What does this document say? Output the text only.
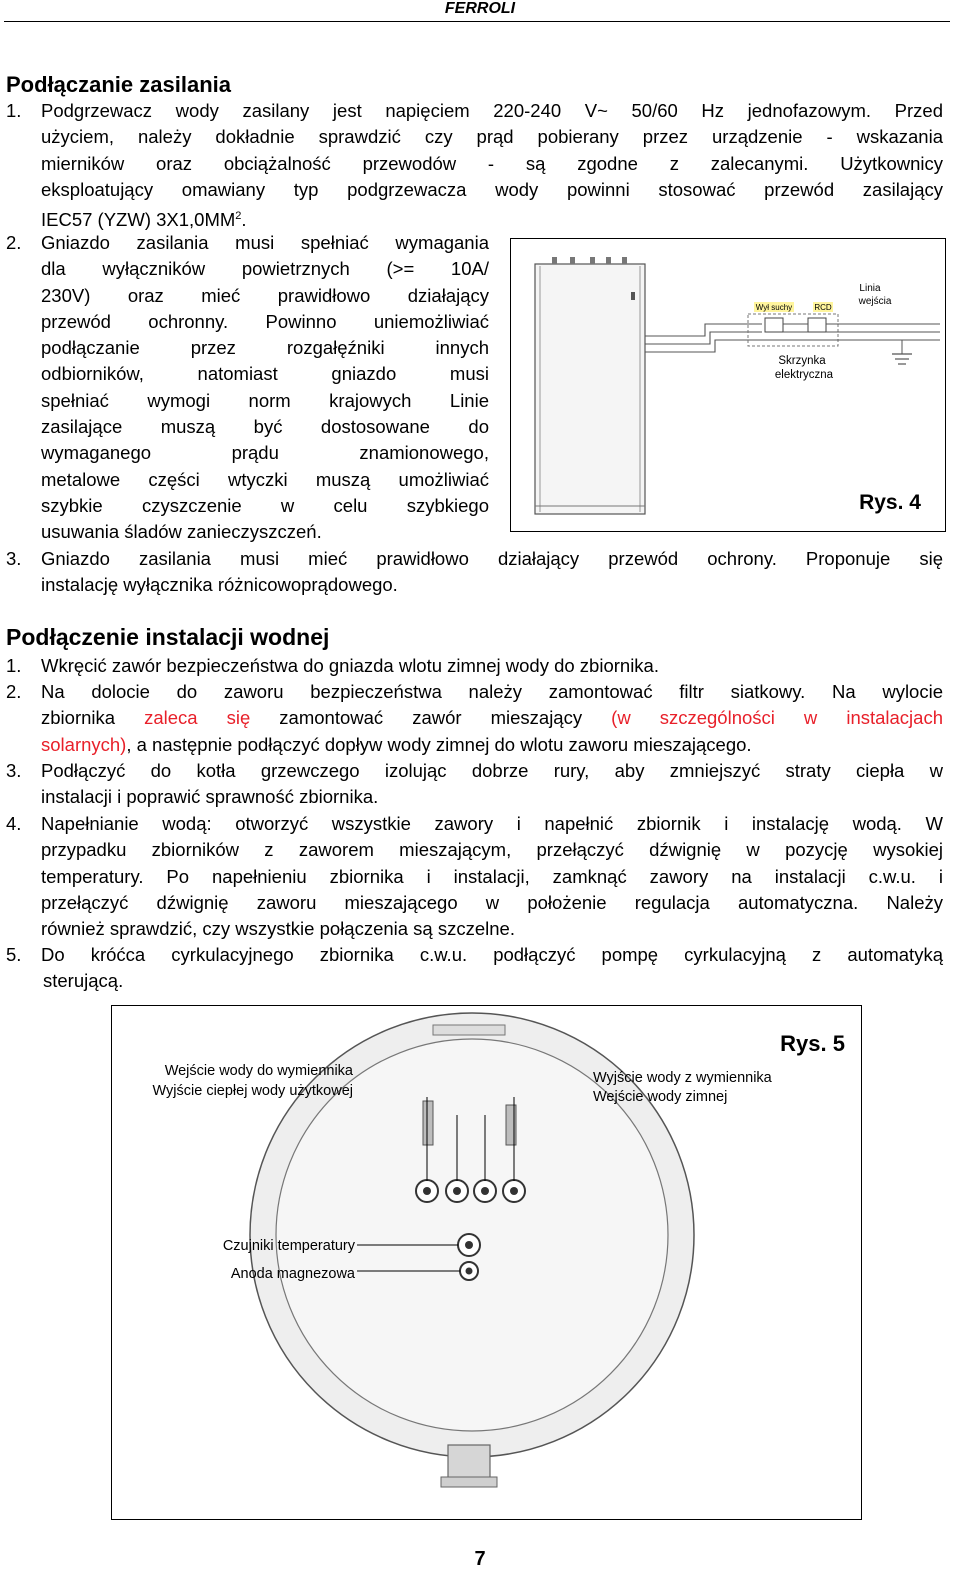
FERROLI
Podłączanie zasilania
1. Podgrzewacz wody zasilany jest napięciem 220-240 V~ 50/60 Hz jednofazowym. Przed
użyciem, należy dokładnie sprawdzić czy prąd pobierany przez urządzenie - wskazania
mierników oraz obciążalność przewodów - są zgodne z zalecanymi. Użytkownicy
eksploatujący omawiany typ podgrzewacza wody powinni stosować przewód zasilający
IEC57 (YZW) $3X1,0MM^2$.
2. Gniazdo zasilania musi spełniać wymagania
dla wyłączników powietrznych (>= 10A/
230V) oraz mieć prawidłowo działający
przewód ochronny. Powinno uniemożliwiać
podłączanie przez rozgałęźniki innych
odbiorników, natomiast gniazdo musi
spełniać wymogi norm krajowych Linie
zasilające muszą być dostosowane do
wymaganego prądu znamionowego,
metalowe części wtyczki muszą umożliwiać
szybkie czyszczenie w celu szybkiego
usuwania śladów zanieczyszczeń.
Wył suchy	RCD
Linia
wejścia
Skrzynka
elektryczna
Rys. 4
3. Gniazdo zasilania musi mieć prawidłowo działający przewód ochrony. Proponuje się
instalację wyłącznika różnicowoprądowego.
Podłączenie instalacji wodnej
1. Wkręcić zawór bezpieczeństwa do gniazda wlotu zimnej wody do zbiornika.
2. Na dolocie do zaworu bezpieczeństwa należy zamontować filtr siatkowy. Na wylocie
zbiornika zaleca się zamontować zawór mieszający (w szczególności w instalacjach
solarnych), a następnie podłączyć dopływ wody zimnej do wlotu zaworu mieszającego.
3. Podłączyć do kotła grzewczego izolując dobrze rury, aby zmniejszyć straty ciepła w
instalacji i poprawić sprawność zbiornika.
4. Napełnianie wodą: otworzyć wszystkie zawory i napełnić zbiornik i instalację wodą. W
przypadku zbiorników z zaworem mieszającym, przełączyć dźwignię w pozycję wysokiej
temperatury. Po napełnieniu zbiornika i instalacji, zamknąć zawory na instalacji c.w.u. i
przełączyć dźwignię zaworu mieszającego w położenie regulacja automatyczna. Należy
również sprawdzić, czy wszystkie połączenia są szczelne.
5. Do króćca cyrkulacyjnego zbiornika c.w.u. podłączyć pompę cyrkulacyjną z automatyką
sterującą.
Wejście wody do wymiennika
Wyjście ciepłej wody użytkowej
Wyjście wody z wymiennika
Wejście wody zimnej
Czujniki temperatury
Anoda magnezowa
Rys. 5
7
